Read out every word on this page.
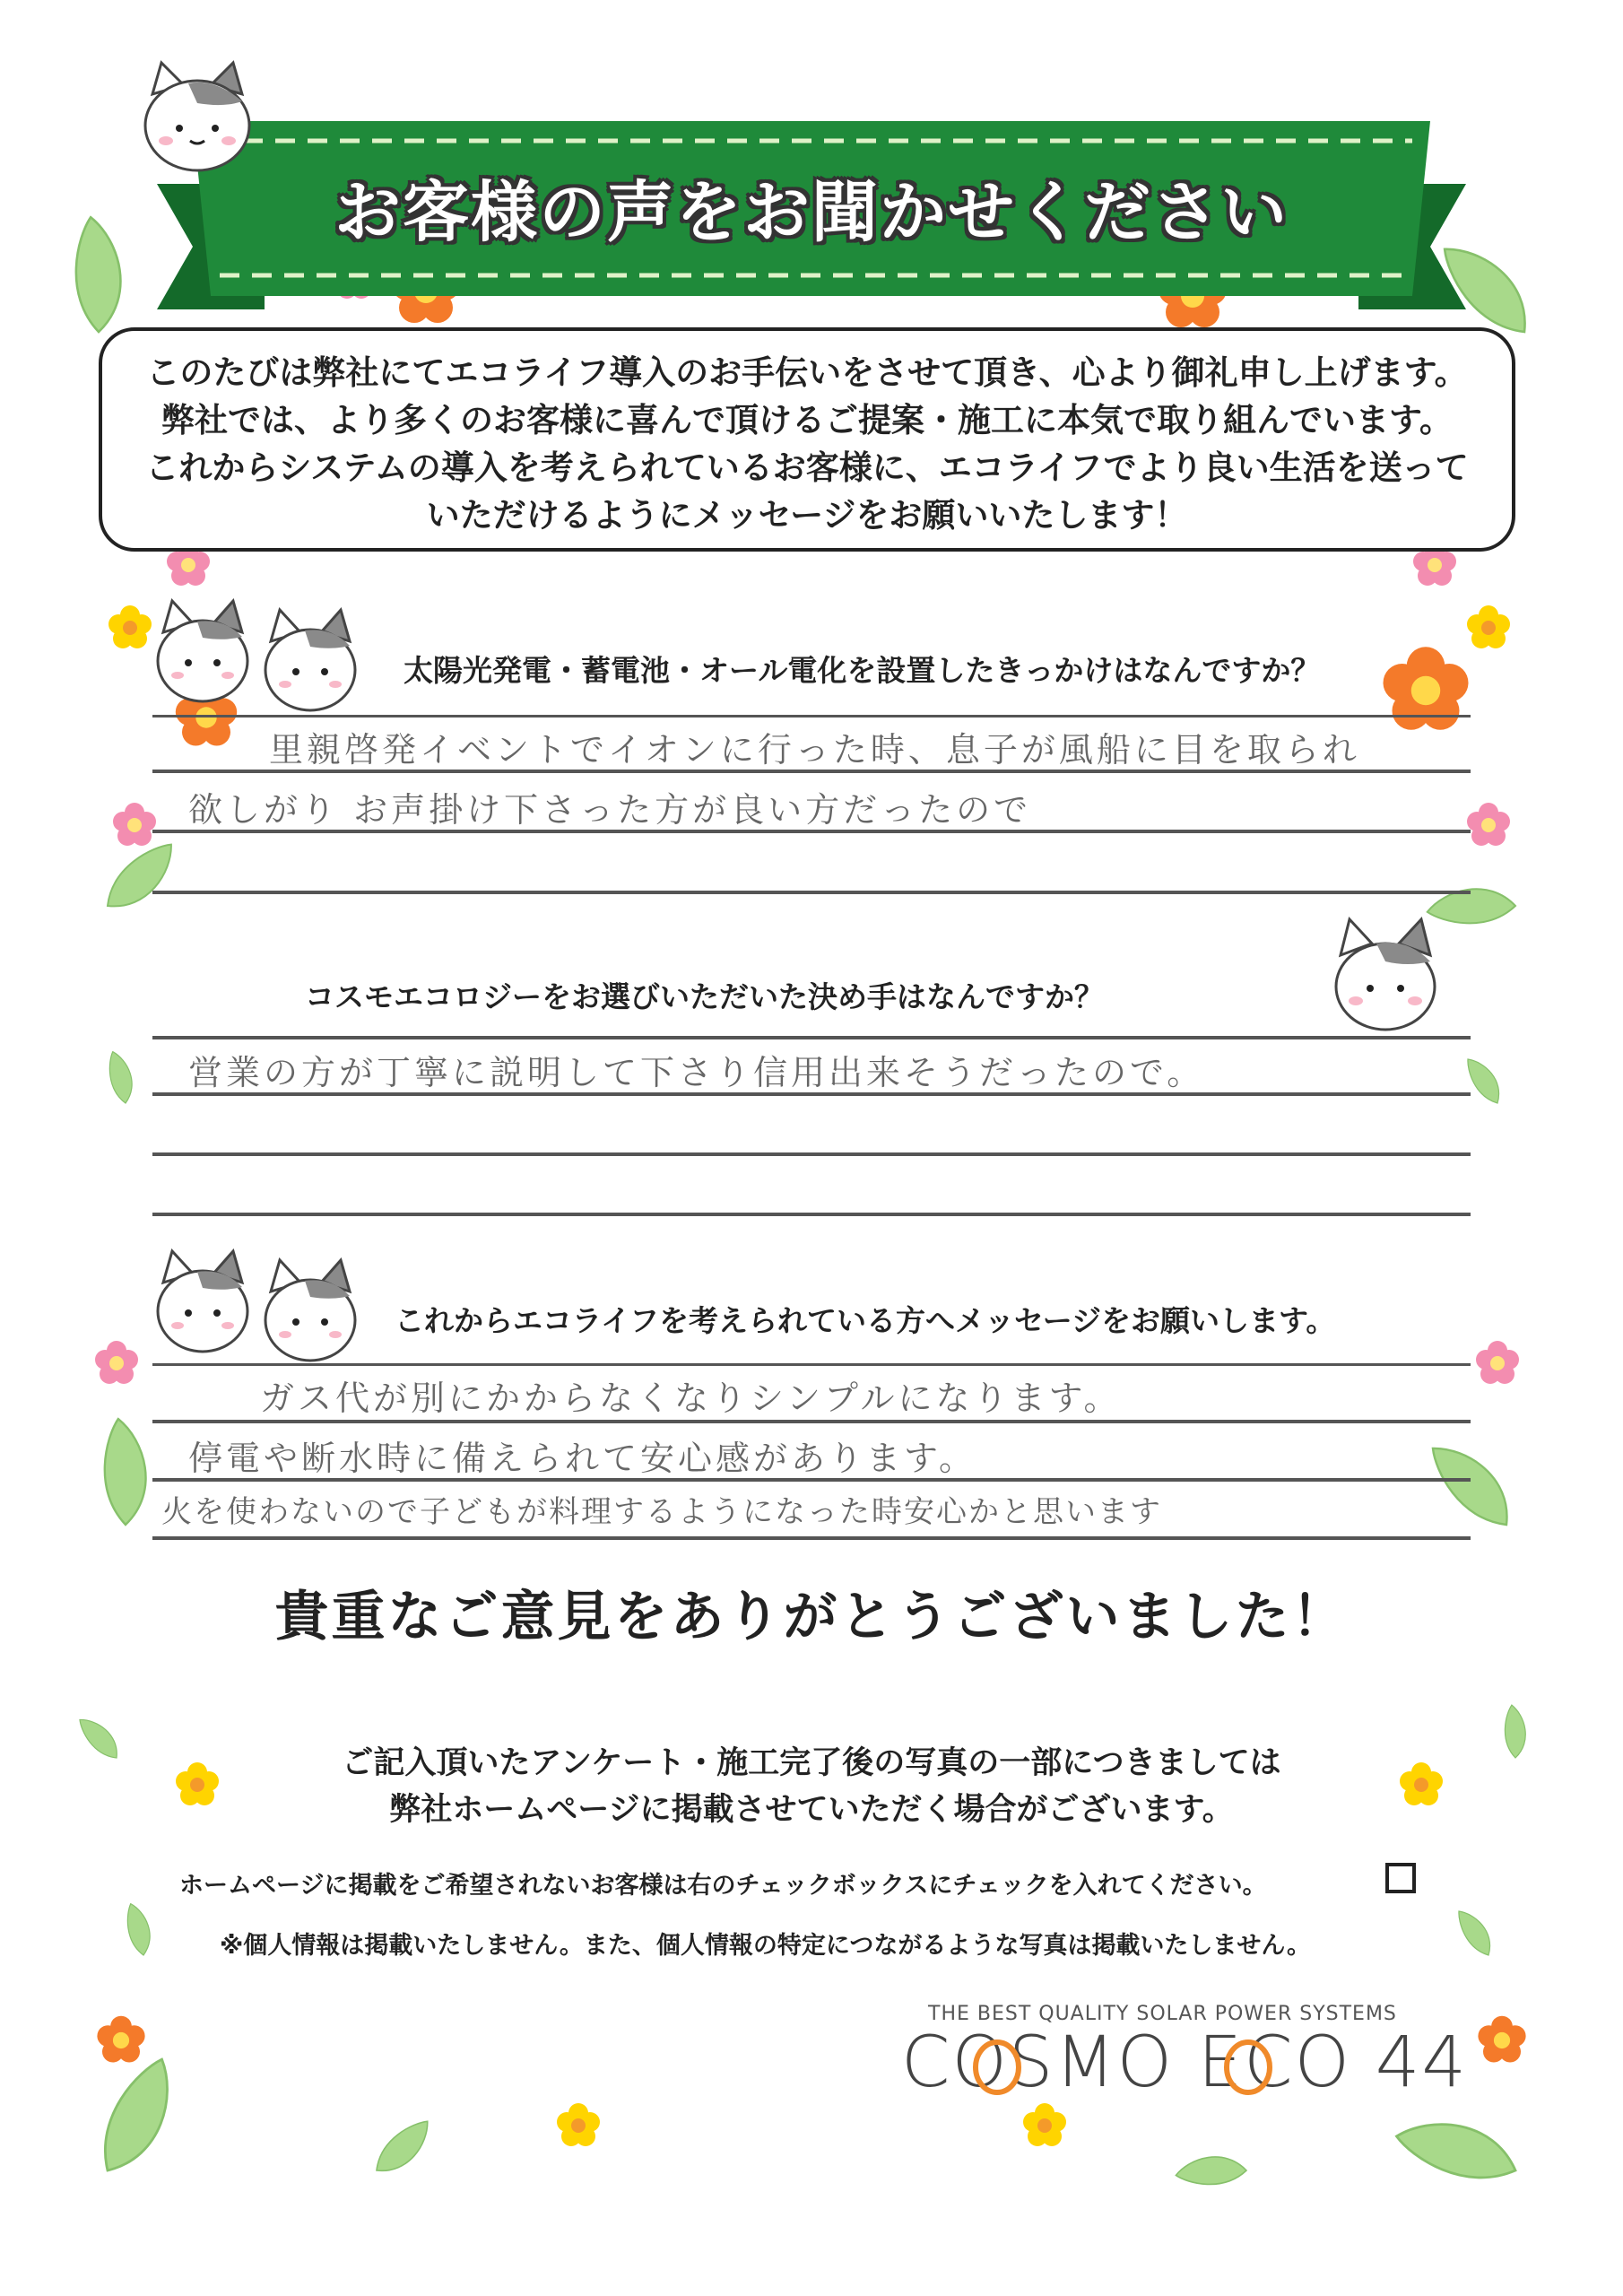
お客様の声をお聞かせください

このたびは弊社にてエコライフ導入のお手伝いをさせて頂き、心より御礼申し上げます。

弊社では、より多くのお客様に喜んで頂けるご提案・施工に本気で取り組んでいます。

これからシステムの導入を考えられているお客様に、エコライフでより良い生活を送って

いただけるようにメッセージをお願いいたします！

太陽光発電・蓄電池・オール電化を設置したきっかけはなんですか？
里親啓発イベントでイオンに行った時、息子が風船に目を取られ
欲しがり お声掛け下さった方が良い方だったので
コスモエコロジーをお選びいただいた決め手はなんですか？
営業の方が丁寧に説明して下さり信用出来そうだったので。
これからエコライフを考えられている方へメッセージをお願いします。
ガス代が別にかからなくなりシンプルになります。
停電や断水時に備えられて安心感があります。
火を使わないので子どもが料理するようになった時安心かと思います
貴重なご意見をありがとうございました！
ご記入頂いたアンケート・施工完了後の写真の一部につきましては
弊社ホームページに掲載させていただく場合がございます。
ホームページに掲載をご希望されないお客様は右のチェックボックスにチェックを入れてください。
※個人情報は掲載いたしません。また、個人情報の特定につながるような写真は掲載いたしません。
THE BEST QUALITY SOLAR POWER SYSTEMS
COSMO ECO 44
